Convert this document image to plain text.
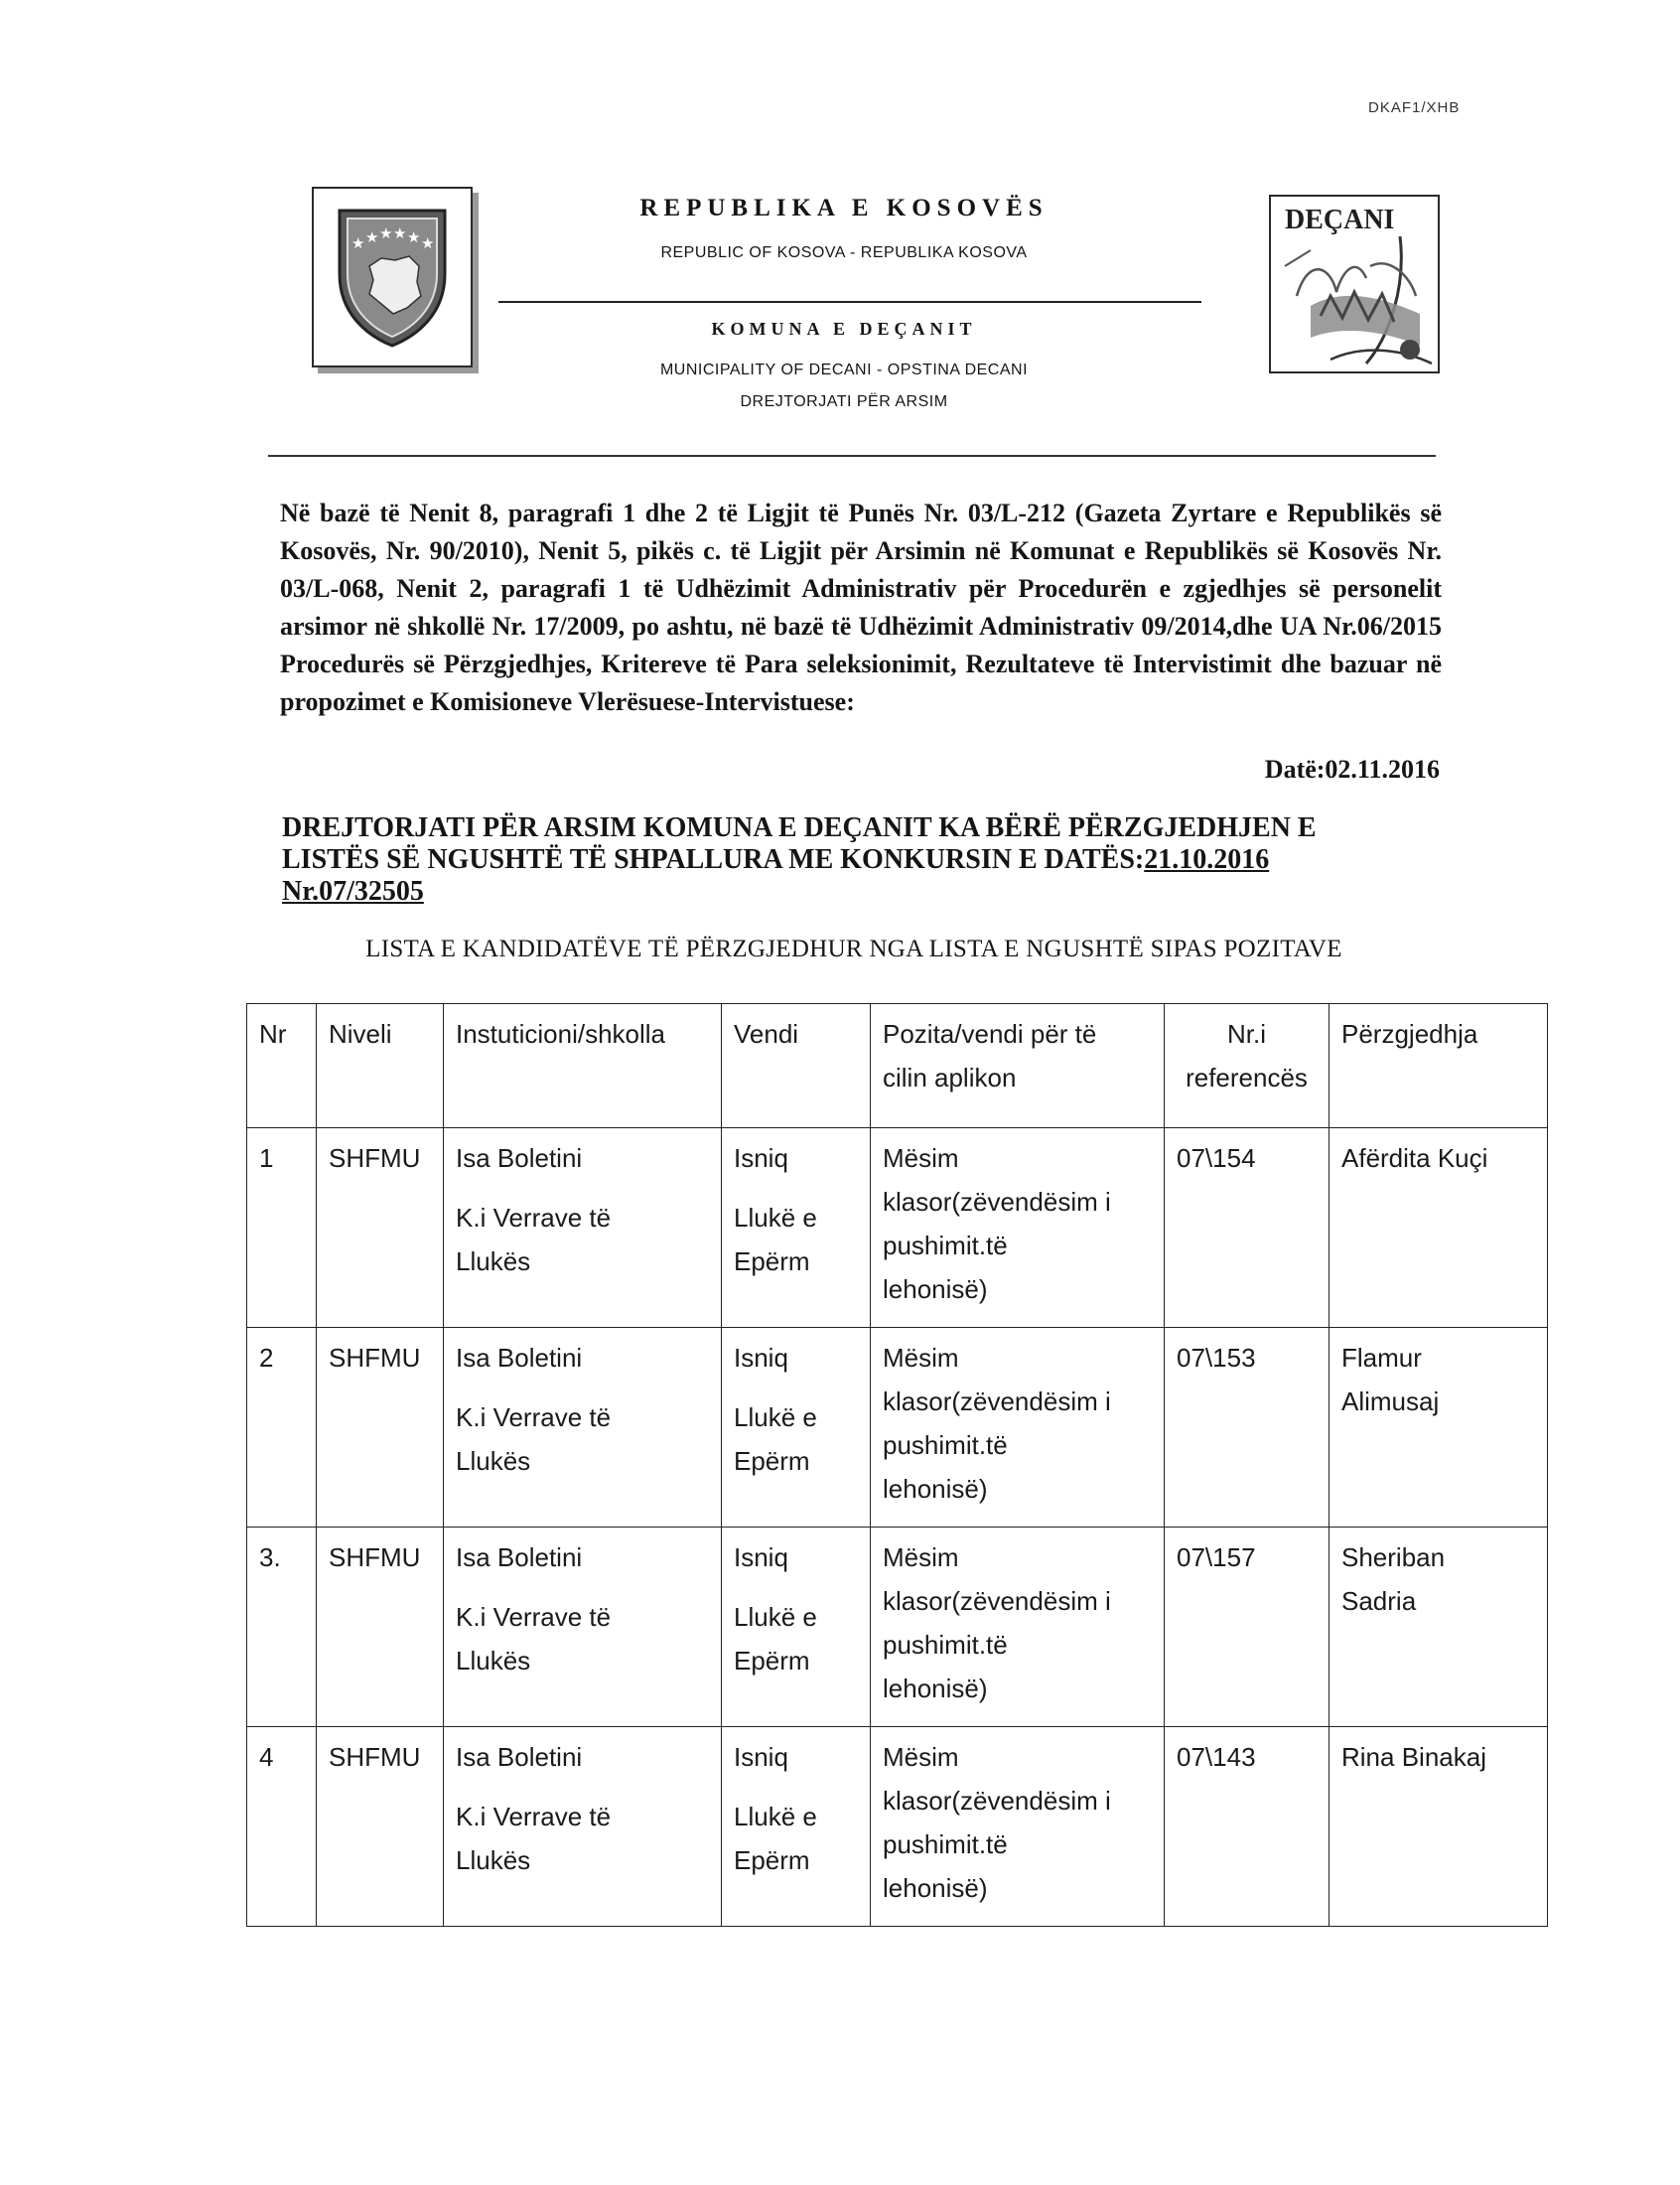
DKAF1/XHB
★ ★ ★ ★ ★ ★
REPUBLIKA E KOSOVËS
REPUBLIC OF KOSOVA - REPUBLIKA KOSOVA
KOMUNA E DEÇANIT
MUNICIPALITY OF DECANI - OPSTINA DECANI
DREJTORJATI PËR ARSIM
DEÇANI
Në bazë të Nenit 8, paragrafi 1 dhe 2 të Ligjit të Punës Nr. 03/L-212 (Gazeta Zyrtare e Republikës së Kosovës, Nr. 90/2010), Nenit 5, pikës c. të Ligjit për Arsimin në Komunat e Republikës së Kosovës Nr. 03/L-068, Nenit 2, paragrafi 1 të Udhëzimit Administrativ për Procedurën e zgjedhjes së personelit arsimor në shkollë Nr. 17/2009, po ashtu, në bazë të Udhëzimit Administrativ 09/2014,dhe UA Nr.06/2015 Procedurës së Përzgjedhjes, Kritereve të Para seleksionimit, Rezultateve të Intervistimit dhe bazuar në propozimet e Komisioneve Vlerësuese-Intervistuese:
Datë:02.11.2016
DREJTORJATI PËR ARSIM KOMUNA E DEÇANIT KA BËRË PËRZGJEDHJEN E
LISTËS SË NGUSHTË TË SHPALLURA ME KONKURSIN E DATËS:21.10.2016
Nr.07/32505
LISTA E KANDIDATËVE TË PËRZGJEDHUR NGA LISTA E NGUSHTË SIPAS POZITAVE
Nr	Niveli	Instuticioni/shkolla	Vendi	Pozita/vendi për të
cilin aplikon	Nr.i
referencës	Përzgjedhja
1	SHFMU	Isa Boletini
K.i Verrave të
Llukës	Isniq
Llukë e
Epërm	Mësim
klasor(zëvendësim i
pushimit.të
lehonisë)	07\154	Afërdita Kuçi

2	SHFMU	Isa Boletini
K.i Verrave të
Llukës	Isniq
Llukë e
Epërm	Mësim
klasor(zëvendësim i
pushimit.të
lehonisë)	07\153	Flamur
Alimusaj

3.	SHFMU	Isa Boletini
K.i Verrave të
Llukës	Isniq
Llukë e
Epërm	Mësim
klasor(zëvendësim i
pushimit.të
lehonisë)	07\157	Sheriban
Sadria

4	SHFMU	Isa Boletini
K.i Verrave të
Llukës	Isniq
Llukë e
Epërm	Mësim
klasor(zëvendësim i
pushimit.të
lehonisë)	07\143	Rina Binakaj
